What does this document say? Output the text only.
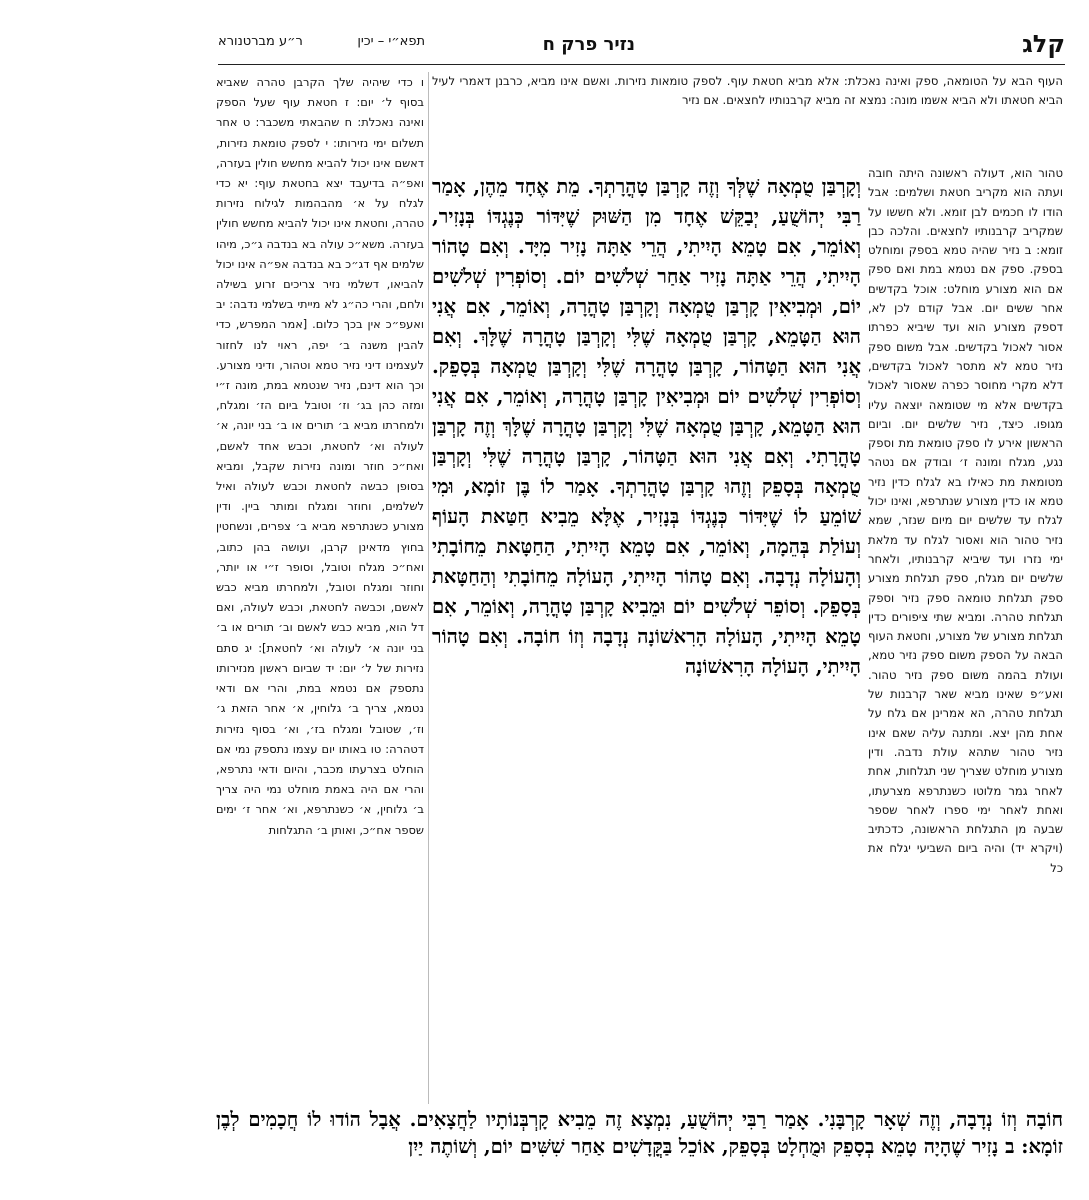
קלג
נזיר פרק ח
תפא״י – יכין
ר״ע מברטנורא

העוף הבא על הטומאה, ספק ואינה נאכלת: אלא מביא חטאת עוף. לספק טומאות נזירות. ואשם אינו מביא, כרבנן דאמרי לעיל הביא חטאתו ולא הביא אשמו מונה: נמצא זה מביא קרבנותיו לחצאים. אם נזיר

טהור הוא, דעולה ראשונה היתה חובה ועתה הוא מקריב חטאת ושלמים: אבל הודו לו חכמים לבן זומא. ולא חששו על שמקריב קרבנותיו לחצאים. והלכה כבן זומא: ב נזיר שהיה טמא בספק ומוחלט בספק. ספק אם נטמא במת ואם ספק אם הוא מצורע מוחלט: אוכל בקדשים אחר ששים יום. אבל קודם לכן לא, דספק מצורע הוא ועד שיביא כפרתו אסור לאכול בקדשים. אבל משום ספק נזיר טמא לא מתסר לאכול בקדשים, דלא מקרי מחוסר כפרה שאסור לאכול בקדשים אלא מי שטומאה יוצאה עליו מגופו. כיצד, נזיר שלשים יום. וביום הראשון אירע לו ספק טומאת מת וספק נגע, מגלח ומונה ז׳ ובודק אם נטהר מטומאת מת כאילו בא לגלח כדין נזיר טמא או כדין מצורע שנתרפא, ואינו יכול לגלח עד שלשים יום מיום שנזר, שמא נזיר טהור הוא ואסור לגלח עד מלאת ימי נזרו ועד שיביא קרבנותיו, ולאחר שלשים יום מגלח, ספק תגלחת מצורע ספק תגלחת טומאה ספק נזיר וספק תגלחת טהרה. ומביא שתי ציפורים כדין תגלחת מצורע של מצורע, וחטאת העוף הבאה על הספק משום ספק נזיר טמא, ועולת בהמה משום ספק נזיר טהור. ואע״פ שאינו מביא שאר קרבנות של תגלחת טהרה, הא אמרינן אם גלח על אחת מהן יצא. ומתנה עליה שאם אינו נזיר טהור שתהא עולת נדבה. ודין מצורע מוחלט שצריך שני תגלחות, אחת לאחר גמר מלוטו כשנתרפא מצרעתו, ואחת לאחר ימי ספרו לאחר שספר שבעה מן התגלחת הראשונה, כדכתיב (ויקרא יד) והיה ביום השביעי יגלח את כל

וְקָרְבַּן טֻמְאָה שֶׁלְּךָ וְזֶה קָרְבַּן טָהֳרָתְךָ. מֵת אֶחָד מֵהֶן, אָמַר רַבִּי יְהוֹשֻׁעַ, יְבַקֵּשׁ אֶחָד מִן הַשּׁוּק שֶׁיִּדּוֹר כְּנֶגְדּוֹ בְּנָזִיר, וְאוֹמֵר, אִם טָמֵא הָיִיתִי, הֲרֵי אַתָּה נָזִיר מִיָּד. וְאִם טָהוֹר הָיִיתִי, הֲרֵי אַתָּה נָזִיר אַחַר שְׁלשִׁים יוֹם. וְסוֹפְרִין שְׁלשִׁים יוֹם, וּמְבִיאִין קָרְבַּן טֻמְאָה וְקָרְבַּן טָהֳרָה, וְאוֹמֵר, אִם אֲנִי הוּא הַטָּמֵא, קָרְבַּן טֻמְאָה שֶׁלִּי וְקָרְבַּן טָהֳרָה שֶׁלָּךְ. וְאִם אֲנִי הוּא הַטָּהוֹר, קָרְבַּן טָהֳרָה שֶׁלִּי וְקָרְבַּן טֻמְאָה בְּסָפֵק. וְסוֹפְרִין שְׁלשִׁים יוֹם וּמְבִיאִין קָרְבַּן טָהֳרָה, וְאוֹמֵר, אִם אֲנִי הוּא הַטָּמֵא, קָרְבַּן טֻמְאָה שֶׁלִּי וְקָרְבַּן טָהֳרָה שֶׁלָּךְ וְזֶה קָרְבַּן טָהֳרָתִי. וְאִם אֲנִי הוּא הַטָּהוֹר, קָרְבַּן טָהֳרָה שֶׁלִּי וְקָרְבַּן טֻמְאָה בְּסָפֵק וְזֶהוּ קָרְבַּן טָהֳרָתְךָ. אָמַר לוֹ בֶּן זוֹמָא, וּמִי שׁוֹמֵעַ לוֹ שֶׁיִּדּוֹר כְּנֶגְדּוֹ בְּנָזִיר, אֶלָּא מֵבִיא חַטַּאת הָעוֹף וְעוֹלַת בְּהֵמָה, וְאוֹמֵר, אִם טָמֵא הָיִיתִי, הַחַטָּאת מֵחוֹבָתִי וְהָעוֹלָה נְדָבָה. וְאִם טָהוֹר הָיִיתִי, הָעוֹלָה מֵחוֹבָתִי וְהַחַטָּאת בְּסָפֵק. וְסוֹפֵר שְׁלשִׁים יוֹם וּמֵבִיא קָרְבַּן טָהֳרָה, וְאוֹמֵר, אִם טָמֵא הָיִיתִי, הָעוֹלָה הָרִאשׁוֹנָה נְדָבָה וְזוֹ חוֹבָה. וְאִם טָהוֹר הָיִיתִי, הָעוֹלָה הָרִאשׁוֹנָה

חוֹבָה וְזוֹ נְדָבָה, וְזֶה שְׁאָר קָרְבָּנִי. אָמַר רַבִּי יְהוֹשֻׁעַ, נִמְצָא זֶה מֵבִיא קָרְבְּנוֹתָיו לַחֲצָאִים. אֲבָל הוֹדוּ לוֹ חֲכָמִים לְבֶן זוֹמָא: ב נָזִיר שֶׁהָיָה טָמֵא בְסָפֵק וּמֻחְלָט בְּסָפֵק, אוֹכֵל בַּקֳּדָשִׁים אַחַר שִׁשִּׁים יוֹם, וְשׁוֹתֶה יַיִן

ו כדי שיהיה שלך הקרבן טהרה שאביא בסוף ל׳ יום: ז חטאת עוף שעל הספק ואינה נאכלת: ח שהבאתי משכבר: ט אחר תשלום ימי נזירותו: י לספק טומאת נזירות, דאשם אינו יכול להביא מחשש חולין בעזרה, ואפ״ה בדיעבד יצא בחטאת עוף: יא כדי לגלח על א׳ מהבהמות לגילוח נזירות טהרה, וחטאת אינו יכול להביא מחשש חולין בעזרה. משא״כ עולה בא בנדבה ג״כ, מיהו שלמים אף דג״כ בא בנדבה אפ״ה אינו יכול להביאו, דשלמי נזיר צריכים זרוע בשילה ולחם, והרי כה״ג לא מייתי בשלמי נדבה: יב ואעפ״כ אין בכך כלום. [אמר המפרש, כדי להבין משנה ב׳ יפה, ראוי לנו לחזור לעצמינו דיני נזיר טמא וטהור, ודיני מצורע. וכך הוא דינם, נזיר שנטמא במת, מונה ז״י ומזה כהן בג׳ וז׳ וטובל ביום הז׳ ומגלח, ולמחרתו מביא ב׳ תורים או ב׳ בני יונה, א׳ לעולה וא׳ לחטאת, וכבש אחד לאשם, ואח״כ חוזר ומונה נזירות שקבל, ומביא בסופן כבשה לחטאת וכבש לעולה ואיל לשלמים, וחוזר ומגלח ומותר ביין. ודין מצורע כשנתרפא מביא ב׳ צפרים, ונשחטין בחוץ מדאינן קרבן, ועושה בהן כתוב, ואח״כ מגלח וטובל, וסופר ז״י או יותר, וחוזר ומגלח וטובל, ולמחרתו מביא כבש לאשם, וכבשה לחטאת, וכבש לעולה, ואם דל הוא, מביא כבש לאשם וב׳ תורים או ב׳ בני יונה א׳ לעולה וא׳ לחטאת]: יג סתם נזירות של ל׳ יום: יד שביום ראשון מנזירותו נתספק אם נטמא במת, והרי אם ודאי נטמא, צריך ב׳ גלוחין, א׳ אחר הזאת ג׳ וז׳, שטובל ומגלח בז׳, וא׳ בסוף נזירות דטהרה: טו באותו יום עצמו נתספק נמי אם הוחלט בצרעתו מכבר, והיום ודאי נתרפא, והרי אם היה באמת מוחלט נמי היה צריך ב׳ גלוחין, א׳ כשנתרפא, וא׳ אחר ז׳ ימים שספר אח״כ, ואותן ב׳ התגלחות
